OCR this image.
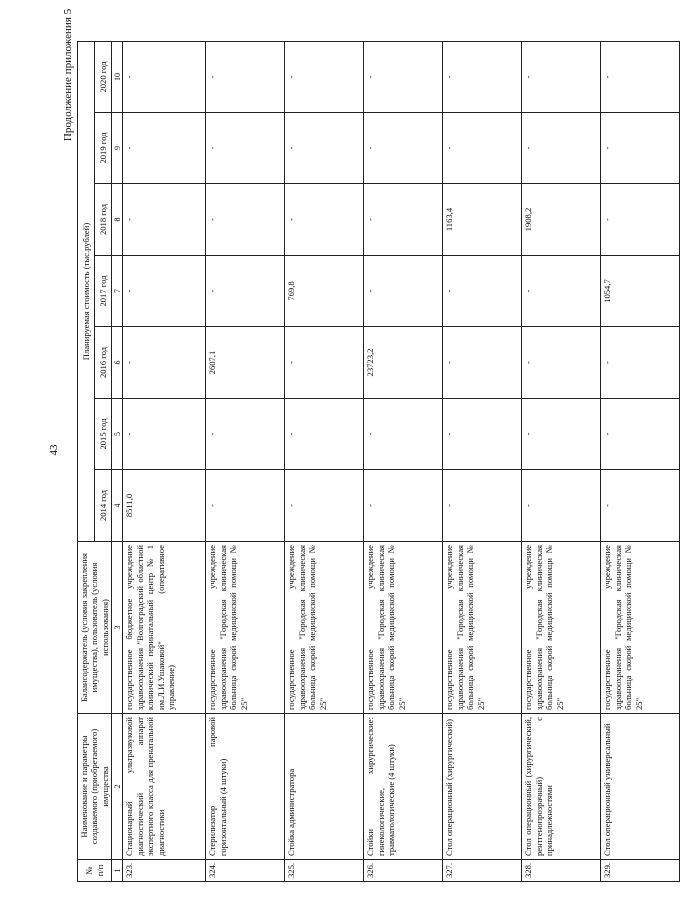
43
Продолжение приложения 5
№ п/п	Наименование и параметры создаваемого (приобретаемого) имущества	Балансодержатель (условия закрепления имущества), пользователь (условия использования)	Планируемая стоимость (тыс.рублей)						
			2014 год	2015 год	2016 год	2017 год	2018 год	2019 год	2020 год
1	2	3	4	5	6	7	8	9	10
323.	Стационарный ультразвуковой диагностический аппарат экспертного класса для пренатальной диагностики	государственное бюджетное учреждение здравоохранения "Волгоградский областной клинический перинатальный центр № 1 им.Л.И.Ушаковой" (оперативное управление)	8511,0	-	-	-	-	-	-
324.	Стерилизатор паровой горизонтальный (4 штуки)	государственное учреждение здравоохранения "Городская клиническая больница скорой медицинской помощи № 25"	-	-	2607,1	-	-	-	-
325.	Стойка администратора	государственное учреждение здравоохранения "Городская клиническая больница скорой медицинской помощи № 25"	-	-	-	769,8	-	-	-
326.	Стойки хирургические: гинекологические, травматологические (4 штуки)	государственное учреждение здравоохранения "Городская клиническая больница скорой медицинской помощи № 25"	-	-	23723,2	-	-	-	-
327.	Стол операционный (хирургический)	государственное учреждение здравоохранения "Городская клиническая больница скорой медицинской помощи № 25"	-	-	-	-	1163,4	-	-
328.	Стол операционный (хирургический, рентгенопрозрачный) с принадлежностями	государственное учреждение здравоохранения "Городская клиническая больница скорой медицинской помощи № 25"	-	-	-	-	1908,2	-	-
329.	Стол операционный универсальный	государственное учреждение здравоохранения "Городская клиническая больница скорой медицинской помощи № 25"	-	-	-	1054,7	-	-	-
